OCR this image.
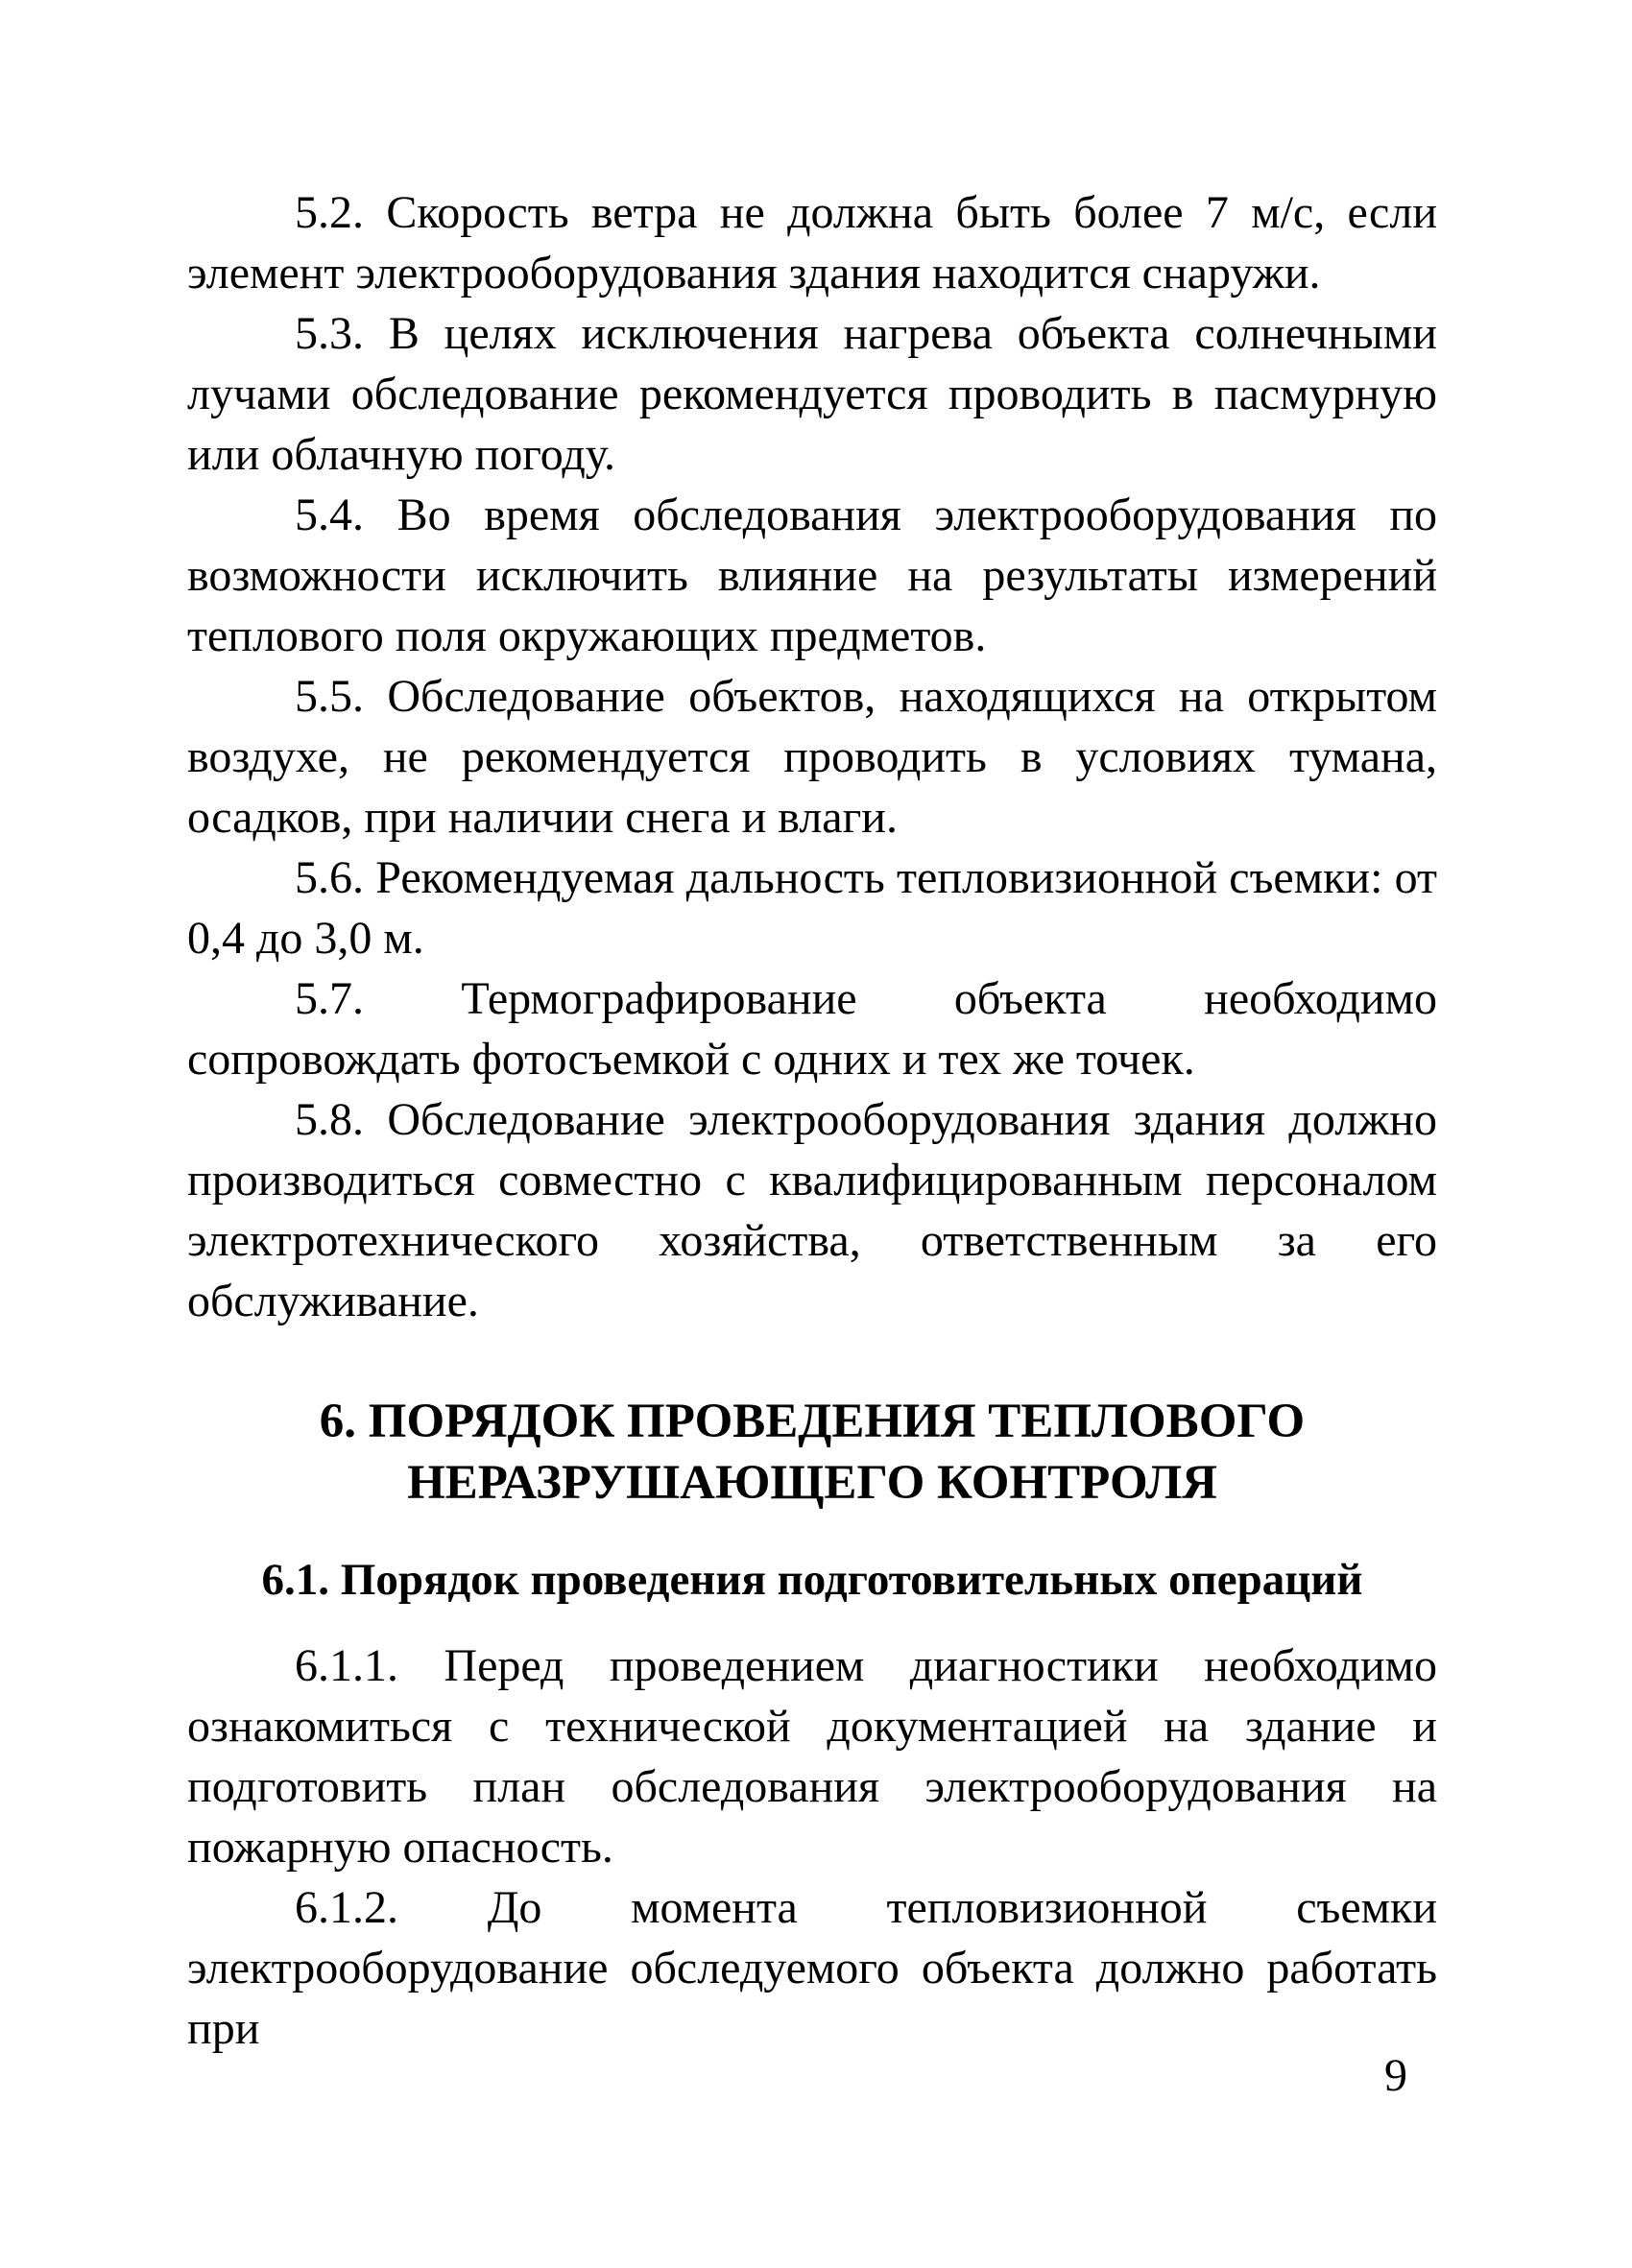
5.2. Скорость ветра не должна быть более 7 м/с, если элемент электрооборудования здания находится снаружи.

5.3. В целях исключения нагрева объекта солнечными лучами обследование рекомендуется проводить в пасмурную или облачную погоду.

5.4. Во время обследования электрооборудования по возможности исключить влияние на результаты измерений теплового поля окружающих предметов.

5.5. Обследование объектов, находящихся на открытом воздухе, не рекомендуется проводить в условиях тумана, осадков, при наличии снега и влаги.

5.6. Рекомендуемая дальность тепловизионной съемки: от 0,4 до 3,0 м.

5.7. Термографирование объекта необходимо сопровождать фотосъемкой с одних и тех же точек.

5.8. Обследование электрооборудования здания должно производиться совместно с квалифицированным персоналом электротехнического хозяйства, ответственным за его обслуживание.

6. ПОРЯДОК ПРОВЕДЕНИЯ ТЕПЛОВОГО
НЕРАЗРУШАЮЩЕГО КОНТРОЛЯ
6.1. Порядок проведения подготовительных операций

6.1.1. Перед проведением диагностики необходимо ознакомиться с технической документацией на здание и подготовить план обследования электрооборудования на пожарную опасность.

6.1.2. До момента тепловизионной съемки электрооборудование обследуемого объекта должно работать при

9
